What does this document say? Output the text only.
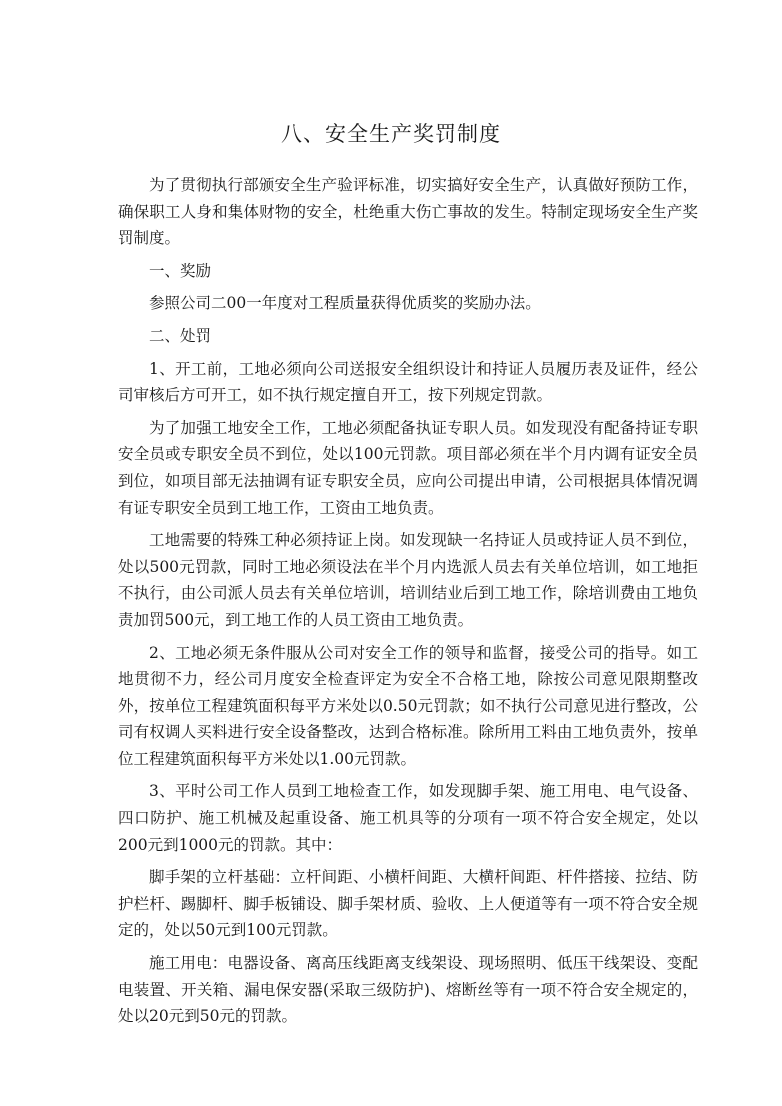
八、安全生产奖罚制度

为了贯彻执行部颁安全生产验评标准，切实搞好安全生产，认真做好预防工作，确保职工人身和集体财物的安全，杜绝重大伤亡事故的发生。特制定现场安全生产奖罚制度。

一、奖励

参照公司二00一年度对工程质量获得优质奖的奖励办法。

二、处罚

1、开工前，工地必须向公司送报安全组织设计和持证人员履历表及证件，经公司审核后方可开工，如不执行规定擅自开工，按下列规定罚款。

为了加强工地安全工作，工地必须配备执证专职人员。如发现没有配备持证专职安全员或专职安全员不到位，处以100元罚款。项目部必须在半个月内调有证安全员到位，如项目部无法抽调有证专职安全员，应向公司提出申请，公司根据具体情况调有证专职安全员到工地工作，工资由工地负责。

工地需要的特殊工种必须持证上岗。如发现缺一名持证人员或持证人员不到位，处以500元罚款，同时工地必须设法在半个月内选派人员去有关单位培训，如工地拒不执行，由公司派人员去有关单位培训，培训结业后到工地工作，除培训费由工地负责加罚500元，到工地工作的人员工资由工地负责。

2、工地必须无条件服从公司对安全工作的领导和监督，接受公司的指导。如工地贯彻不力，经公司月度安全检查评定为安全不合格工地，除按公司意见限期整改外，按单位工程建筑面积每平方米处以0.50元罚款；如不执行公司意见进行整改，公司有权调人买料进行安全设备整改，达到合格标准。除所用工料由工地负责外，按单位工程建筑面积每平方米处以1.00元罚款。

3、平时公司工作人员到工地检查工作，如发现脚手架、施工用电、电气设备、四口防护、施工机械及起重设备、施工机具等的分项有一项不符合安全规定，处以200元到1000元的罚款。其中：

脚手架的立杆基础：立杆间距、小横杆间距、大横杆间距、杆件搭接、拉结、防护栏杆、踢脚杆、脚手板铺设、脚手架材质、验收、上人便道等有一项不符合安全规定的，处以50元到100元罚款。

施工用电：电器设备、离高压线距离支线架设、现场照明、低压干线架设、变配电装置、开关箱、漏电保安器(采取三级防护)、熔断丝等有一项不符合安全规定的，处以20元到50元的罚款。
